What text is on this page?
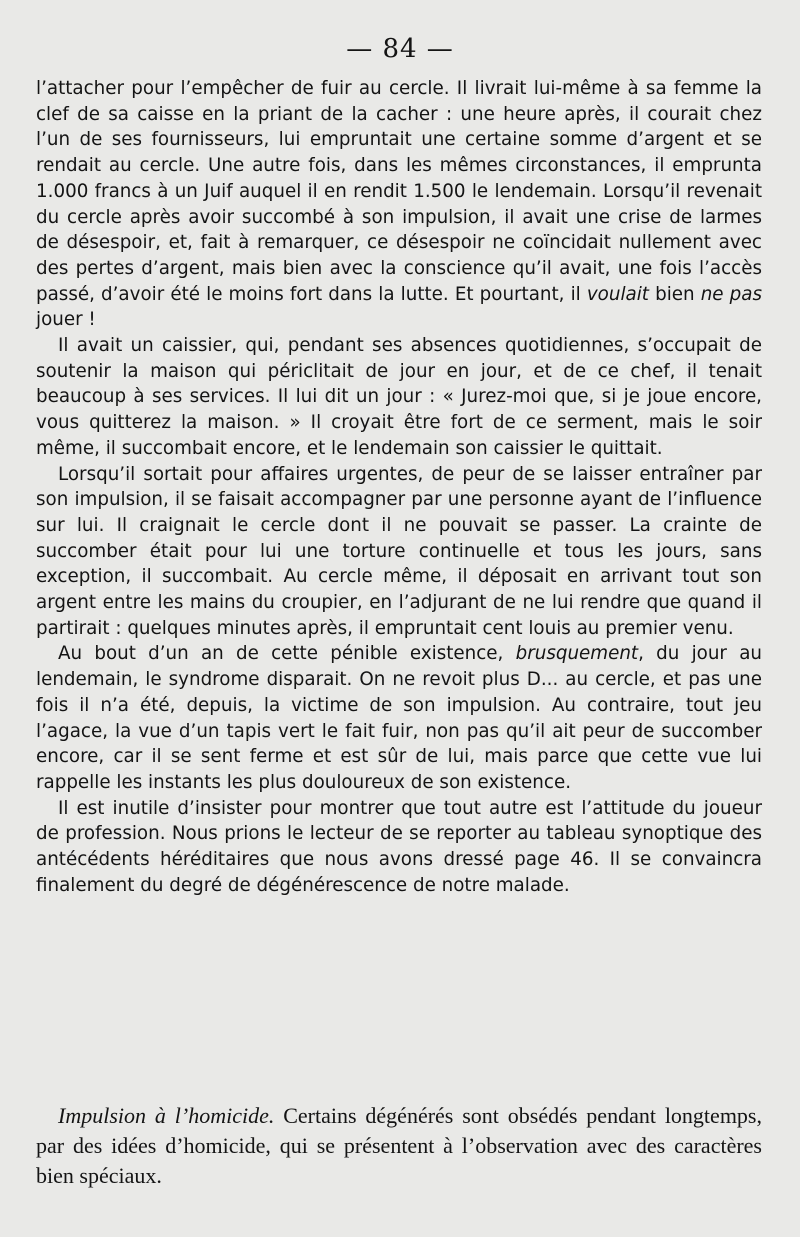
— 84 —

l’attacher pour l’empêcher de fuir au cercle. Il livrait lui-même à sa femme la clef de sa caisse en la priant de la cacher : une heure après, il courait chez l’un de ses fournisseurs, lui empruntait une certaine somme d’argent et se rendait au cercle. Une autre fois, dans les mêmes circonstances, il emprunta 1.000 francs à un Juif auquel il en rendit 1.500 le lendemain. Lorsqu’il revenait du cercle après avoir succombé à son impulsion, il avait une crise de larmes de désespoir, et, fait à remarquer, ce désespoir ne coïncidait nullement avec des pertes d’argent, mais bien avec la conscience qu’il avait, une fois l’accès passé, d’avoir été le moins fort dans la lutte. Et pourtant, il voulait bien ne pas jouer !

Il avait un caissier, qui, pendant ses absences quotidiennes, s’occupait de soutenir la maison qui périclitait de jour en jour, et de ce chef, il tenait beaucoup à ses services. Il lui dit un jour : « Jurez-moi que, si je joue encore, vous quitterez la maison. » Il croyait être fort de ce serment, mais le soir même, il succombait encore, et le lendemain son caissier le quittait.

Lorsqu’il sortait pour affaires urgentes, de peur de se laisser entraîner par son impulsion, il se faisait accompagner par une personne ayant de l’influence sur lui. Il craignait le cercle dont il ne pouvait se passer. La crainte de succomber était pour lui une torture continuelle et tous les jours, sans exception, il succombait. Au cercle même, il déposait en arrivant tout son argent entre les mains du croupier, en l’adjurant de ne lui rendre que quand il partirait : quelques minutes après, il empruntait cent louis au premier venu.

Au bout d’un an de cette pénible existence, brusquement, du jour au lendemain, le syndrome disparait. On ne revoit plus D... au cercle, et pas une fois il n’a été, depuis, la victime de son impulsion. Au contraire, tout jeu l’agace, la vue d’un tapis vert le fait fuir, non pas qu’il ait peur de succomber encore, car il se sent ferme et est sûr de lui, mais parce que cette vue lui rappelle les instants les plus douloureux de son existence.

Il est inutile d’insister pour montrer que tout autre est l’attitude du joueur de profession. Nous prions le lecteur de se reporter au tableau synoptique des antécédents héréditaires que nous avons dressé page 46. Il se convaincra finalement du degré de dégénérescence de notre malade.

Impulsion à l’homicide. Certains dégénérés sont obsédés pendant longtemps, par des idées d’homicide, qui se présentent à l’observation avec des caractères bien spéciaux.
